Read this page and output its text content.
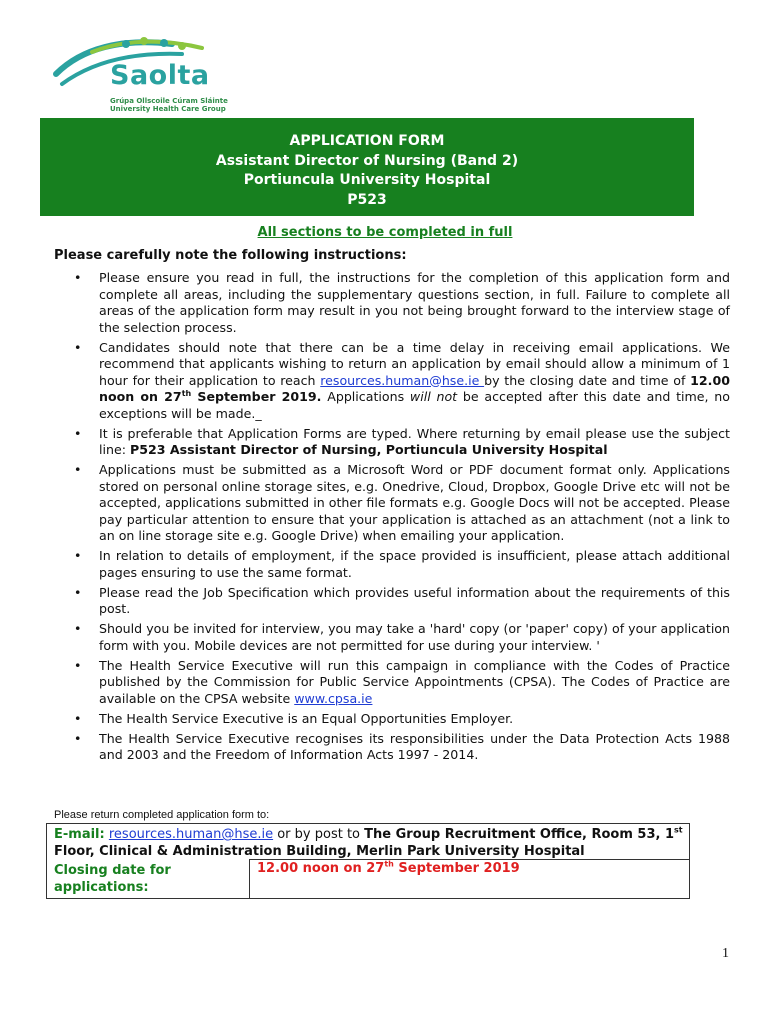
Saolta
Grúpa Ollscoile Cúram Sláinte
University Health Care Group
APPLICATION FORM
Assistant Director of Nursing (Band 2)
Portiuncula University Hospital
P523
All sections to be completed in full
Please carefully note the following instructions:
• Please ensure you read in full, the instructions for the completion of this application form and complete all areas, including the supplementary questions section, in full. Failure to complete all areas of the application form may result in you not being brought forward to the interview stage of the selection process.
• Candidates should note that there can be a time delay in receiving email applications. We recommend that applicants wishing to return an application by email should allow a minimum of 1 hour for their application to reach resources.human@hse.ie by the closing date and time of 12.00 noon on 27th September 2019. Applications will not be accepted after this date and time, no exceptions will be made._
• It is preferable that Application Forms are typed. Where returning by email please use the subject line: P523 Assistant Director of Nursing, Portiuncula University Hospital
• Applications must be submitted as a Microsoft Word or PDF document format only. Applications stored on personal online storage sites, e.g. Onedrive, Cloud, Dropbox, Google Drive etc will not be accepted, applications submitted in other file formats e.g. Google Docs will not be accepted. Please pay particular attention to ensure that your application is attached as an attachment (not a link to an on line storage site e.g. Google Drive) when emailing your application.
• In relation to details of employment, if the space provided is insufficient, please attach additional pages ensuring to use the same format.
• Please read the Job Specification which provides useful information about the requirements of this post.
• Should you be invited for interview, you may take a 'hard' copy (or 'paper' copy) of your application form with you. Mobile devices are not permitted for use during your interview. '
• The Health Service Executive will run this campaign in compliance with the Codes of Practice published by the Commission for Public Service Appointments (CPSA). The Codes of Practice are available on the CPSA website www.cpsa.ie
• The Health Service Executive is an Equal Opportunities Employer.
• The Health Service Executive recognises its responsibilities under the Data Protection Acts 1988 and 2003 and the Freedom of Information Acts 1997 - 2014.
Please return completed application form to:
E-mail: resources.human@hse.ie or by post to The Group Recruitment Office, Room 53, 1st Floor, Clinical & Administration Building, Merlin Park University Hospital
Closing date for applications:
12.00 noon on 27th September 2019
1
